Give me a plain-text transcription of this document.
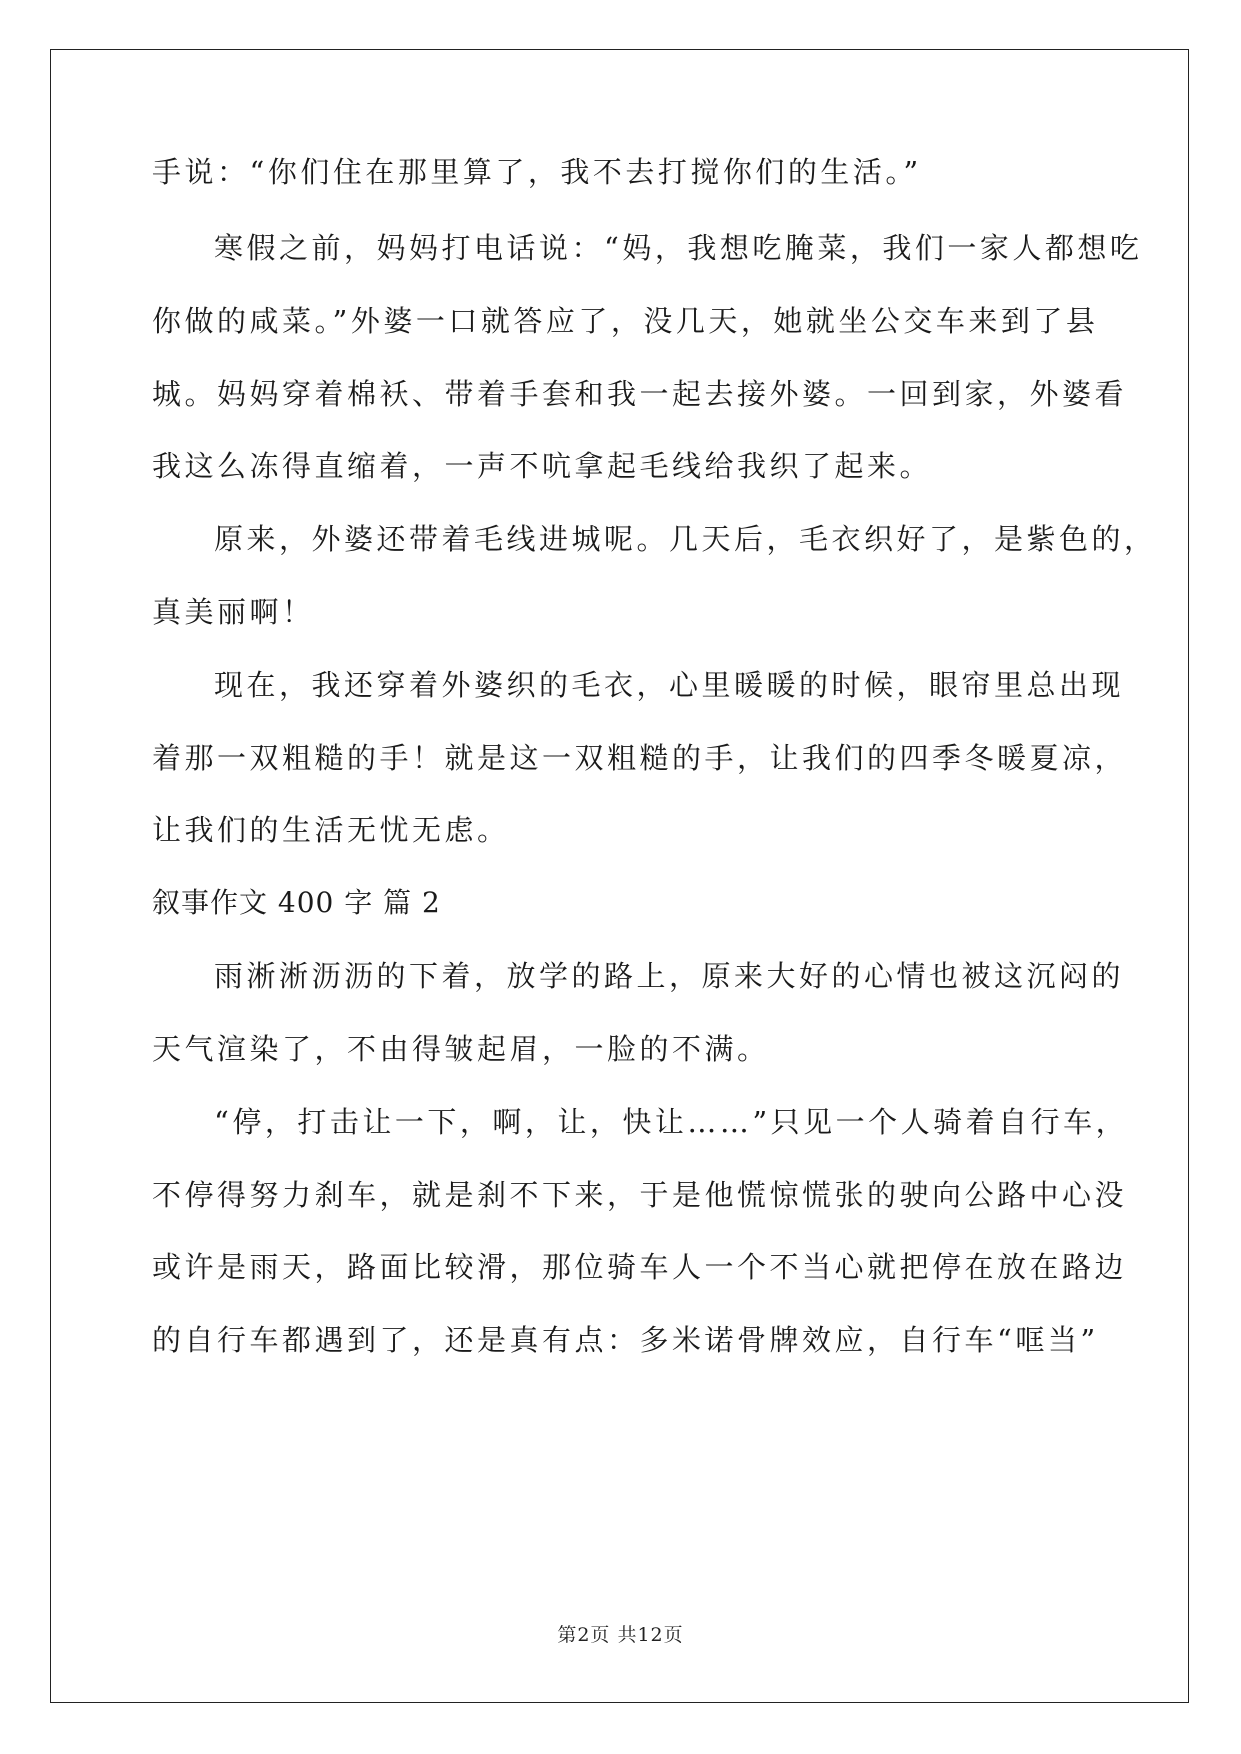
手说：“你们住在那里算了，我不去打搅你们的生活。”
寒假之前，妈妈打电话说：“妈，我想吃腌菜，我们一家人都想吃
你做的咸菜。”外婆一口就答应了，没几天，她就坐公交车来到了县
城。妈妈穿着棉袄、带着手套和我一起去接外婆。一回到家，外婆看
我这么冻得直缩着，一声不吭拿起毛线给我织了起来。
原来，外婆还带着毛线进城呢。几天后，毛衣织好了，是紫色的，
真美丽啊！
现在，我还穿着外婆织的毛衣，心里暖暖的时候，眼帘里总出现
着那一双粗糙的手！就是这一双粗糙的手，让我们的四季冬暖夏凉，
让我们的生活无忧无虑。
叙事作文 400 字 篇 2
雨淅淅沥沥的下着，放学的路上，原来大好的心情也被这沉闷的
天气渲染了，不由得皱起眉，一脸的不满。
“停，打击让一下，啊，让，快让……”只见一个人骑着自行车，
不停得努力刹车，就是刹不下来，于是他慌惊慌张的驶向公路中心没
或许是雨天，路面比较滑，那位骑车人一个不当心就把停在放在路边
的自行车都遇到了，还是真有点：多米诺骨牌效应，自行车“哐当”
第2页 共12页
